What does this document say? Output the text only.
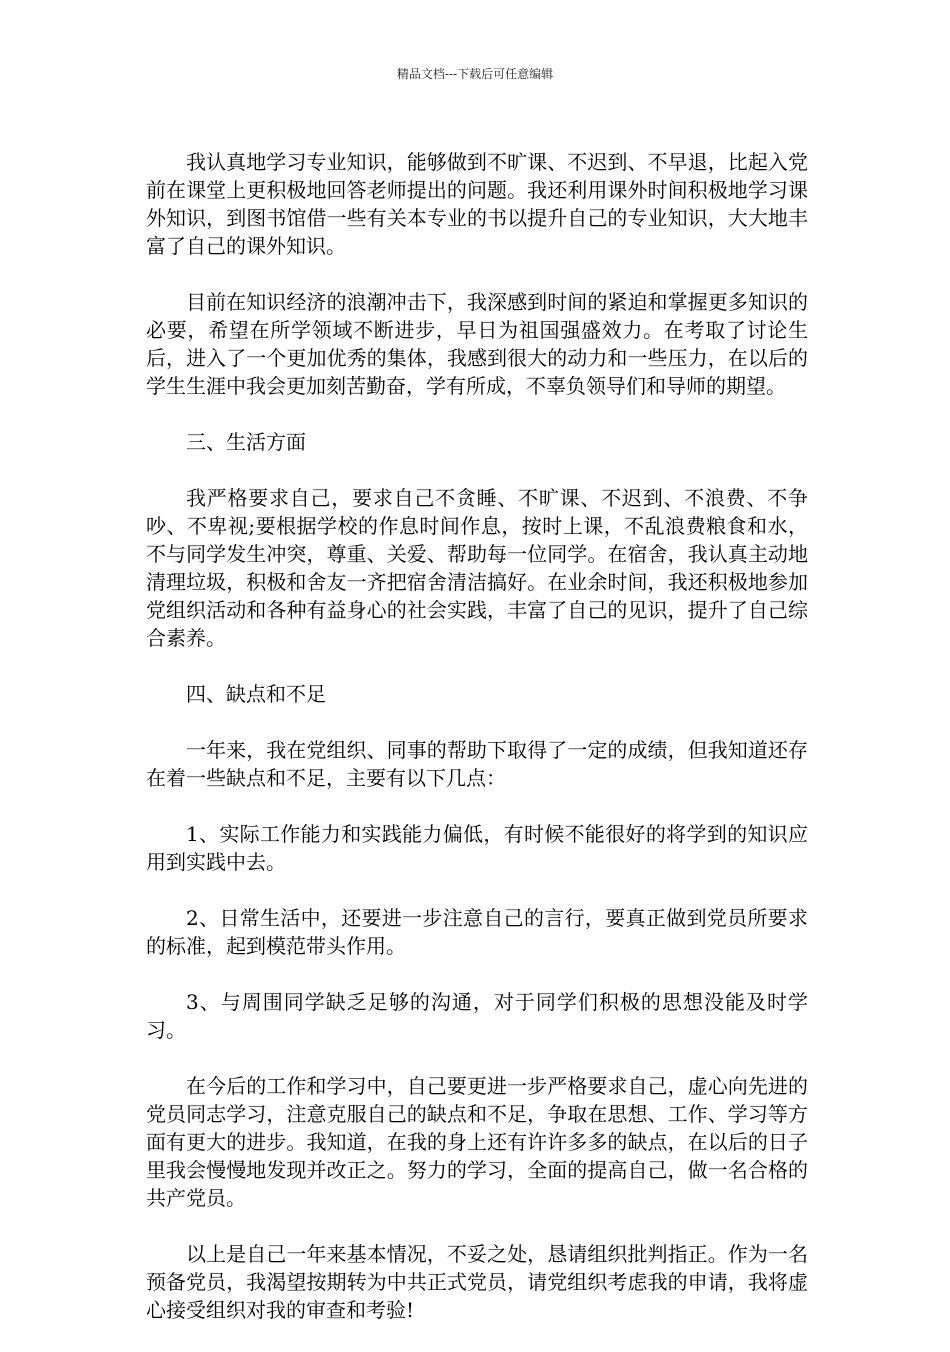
精品文档---下载后可任意编辑

我认真地学习专业知识，能够做到不旷课、不迟到、不早退，比起入党前在课堂上更积极地回答老师提出的问题。我还利用课外时间积极地学习课外知识，到图书馆借一些有关本专业的书以提升自己的专业知识，大大地丰富了自己的课外知识。

目前在知识经济的浪潮冲击下，我深感到时间的紧迫和掌握更多知识的必要，希望在所学领域不断进步，早日为祖国强盛效力。在考取了讨论生后，进入了一个更加优秀的集体，我感到很大的动力和一些压力，在以后的学生生涯中我会更加刻苦勤奋，学有所成，不辜负领导们和导师的期望。

三、生活方面

我严格要求自己，要求自己不贪睡、不旷课、不迟到、不浪费、不争吵、不卑视;要根据学校的作息时间作息，按时上课，不乱浪费粮食和水，不与同学发生冲突，尊重、关爱、帮助每一位同学。在宿舍，我认真主动地清理垃圾，积极和舍友一齐把宿舍清洁搞好。在业余时间，我还积极地参加党组织活动和各种有益身心的社会实践，丰富了自己的见识，提升了自己综合素养。

四、缺点和不足

一年来，我在党组织、同事的帮助下取得了一定的成绩，但我知道还存在着一些缺点和不足，主要有以下几点：

1、实际工作能力和实践能力偏低，有时候不能很好的将学到的知识应用到实践中去。

2、日常生活中，还要进一步注意自己的言行，要真正做到党员所要求的标准，起到模范带头作用。

3、与周围同学缺乏足够的沟通，对于同学们积极的思想没能及时学习。

在今后的工作和学习中，自己要更进一步严格要求自己，虚心向先进的党员同志学习，注意克服自己的缺点和不足，争取在思想、工作、学习等方面有更大的进步。我知道，在我的身上还有许许多多的缺点，在以后的日子里我会慢慢地发现并改正之。努力的学习，全面的提高自己，做一名合格的共产党员。

以上是自己一年来基本情况，不妥之处，恳请组织批判指正。作为一名预备党员，我渴望按期转为中共正式党员，请党组织考虑我的申请，我将虚心接受组织对我的审查和考验!
